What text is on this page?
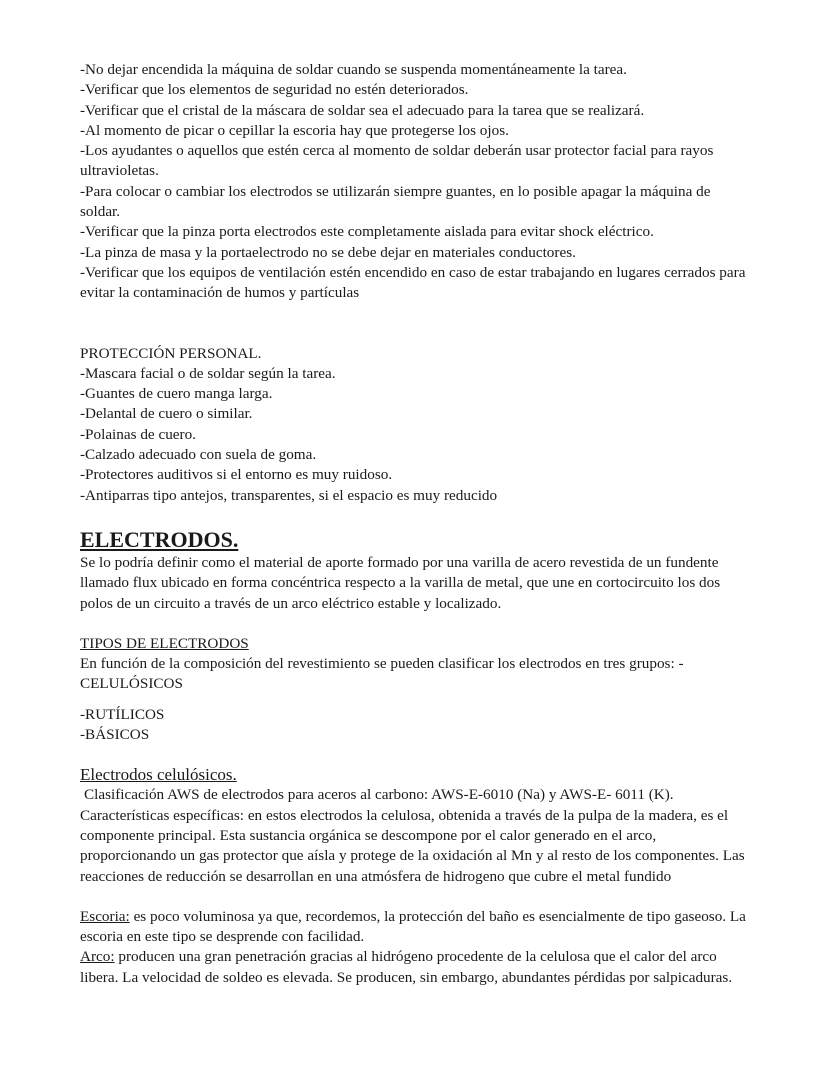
-No dejar encendida la máquina de soldar cuando se suspenda momentáneamente la tarea.

-Verificar que los elementos de seguridad no estén deteriorados.

-Verificar que el cristal de la máscara de soldar sea el adecuado para la tarea que se realizará.

-Al momento de picar o cepillar la escoria hay que protegerse los ojos.

-Los ayudantes o aquellos que estén cerca al momento de soldar deberán usar protector facial para rayos ultravioletas.

-Para colocar o cambiar los electrodos se utilizarán siempre guantes, en lo posible apagar la máquina de soldar.

-Verificar que la pinza porta electrodos este completamente aislada para evitar shock eléctrico.

-La pinza de masa y la portaelectrodo no se debe dejar en materiales conductores.

-Verificar que los equipos de ventilación estén encendido en caso de estar trabajando en lugares cerrados para evitar la contaminación de humos y partículas

PROTECCIÓN PERSONAL.

-Mascara facial o de soldar según la tarea.

-Guantes de cuero manga larga.

-Delantal de cuero o similar.

-Polainas de cuero.

-Calzado adecuado con suela de goma.

-Protectores auditivos si el entorno es muy ruidoso.

-Antiparras tipo antejos, transparentes, si el espacio es muy reducido

ELECTRODOS.

Se lo podría definir como el material de aporte formado por una varilla de acero revestida de un fundente llamado flux ubicado en forma concéntrica respecto a la varilla de metal, que une en cortocircuito los dos polos de un circuito a través de un arco eléctrico estable y localizado.

TIPOS DE ELECTRODOS

En función de la composición del revestimiento se pueden clasificar los electrodos en tres grupos: -

CELULÓSICOS

-RUTÍLICOS

-BÁSICOS

Electrodos celulósicos.

Clasificación AWS de electrodos para aceros al carbono: AWS-E-6010 (Na) y AWS-E- 6011 (K).

Características específicas: en estos electrodos la celulosa, obtenida a través de la pulpa de la madera, es el componente principal. Esta sustancia orgánica se descompone por el calor generado en el arco, proporcionando un gas protector que aísla y protege de la oxidación al Mn y al resto de los componentes. Las reacciones de reducción se desarrollan en una atmósfera de hidrogeno que cubre el metal fundido

Escoria: es poco voluminosa ya que, recordemos, la protección del baño es esencialmente de tipo gaseoso. La escoria en este tipo se desprende con facilidad.

Arco: producen una gran penetración gracias al hidrógeno procedente de la celulosa que el calor del arco libera. La velocidad de soldeo es elevada. Se producen, sin embargo, abundantes pérdidas por salpicaduras.
